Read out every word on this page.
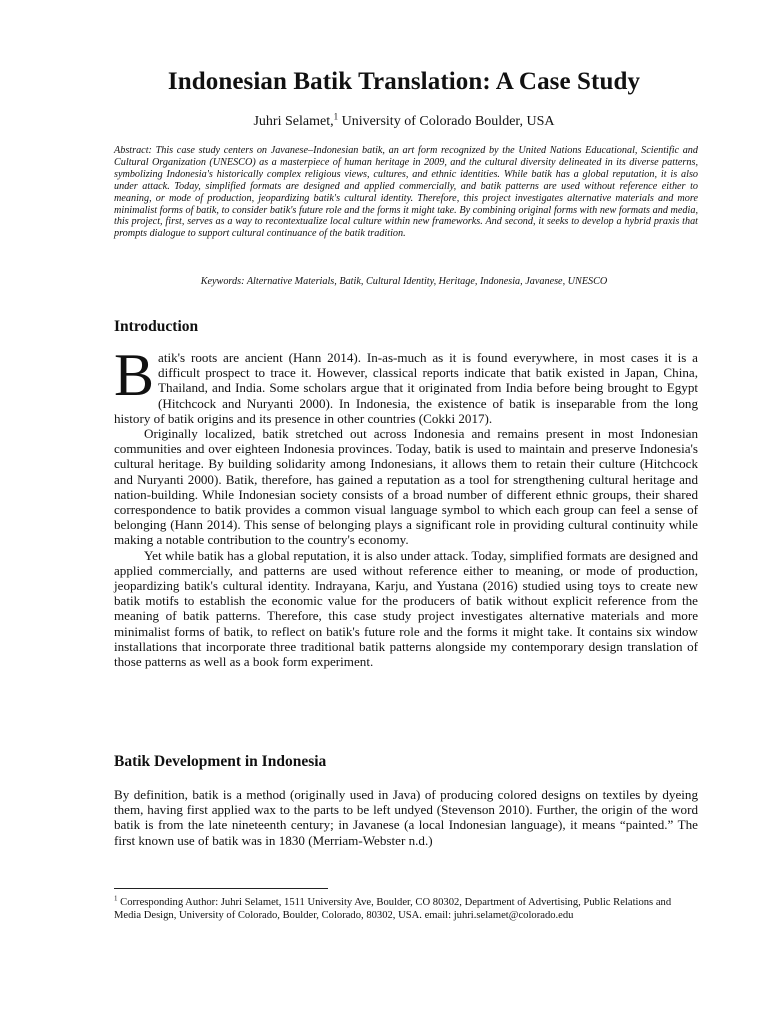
Indonesian Batik Translation: A Case Study
Juhri Selamet,$^1$ University of Colorado Boulder, USA
Abstract: This case study centers on Javanese–Indonesian batik, an art form recognized by the United Nations Educational, Scientific and Cultural Organization (UNESCO) as a masterpiece of human heritage in 2009, and the cultural diversity delineated in its diverse patterns, symbolizing Indonesia's historically complex religious views, cultures, and ethnic identities. While batik has a global reputation, it is also under attack. Today, simplified formats are designed and applied commercially, and batik patterns are used without reference either to meaning, or mode of production, jeopardizing batik's cultural identity. Therefore, this project investigates alternative materials and more minimalist forms of batik, to consider batik's future role and the forms it might take. By combining original forms with new formats and media, this project, first, serves as a way to recontextualize local culture within new frameworks. And second, it seeks to develop a hybrid praxis that prompts dialogue to support cultural continuance of the batik tradition.
Keywords: Alternative Materials, Batik, Cultural Identity, Heritage, Indonesia, Javanese, UNESCO
Introduction

Batik's roots are ancient (Hann 2014). In-as-much as it is found everywhere, in most cases it is a difficult prospect to trace it. However, classical reports indicate that batik existed in Japan, China, Thailand, and India. Some scholars argue that it originated from India before being brought to Egypt (Hitchcock and Nuryanti 2000). In Indonesia, the existence of batik is inseparable from the long history of batik origins and its presence in other countries (Cokki 2017).

Originally localized, batik stretched out across Indonesia and remains present in most Indonesian communities and over eighteen Indonesia provinces. Today, batik is used to maintain and preserve Indonesia's cultural heritage. By building solidarity among Indonesians, it allows them to retain their culture (Hitchcock and Nuryanti 2000). Batik, therefore, has gained a reputation as a tool for strengthening cultural heritage and nation-building. While Indonesian society consists of a broad number of different ethnic groups, their shared correspondence to batik provides a common visual language symbol to which each group can feel a sense of belonging (Hann 2014). This sense of belonging plays a significant role in providing cultural continuity while making a notable contribution to the country's economy.

Yet while batik has a global reputation, it is also under attack. Today, simplified formats are designed and applied commercially, and patterns are used without reference either to meaning, or mode of production, jeopardizing batik's cultural identity. Indrayana, Karju, and Yustana (2016) studied using toys to create new batik motifs to establish the economic value for the producers of batik without explicit reference from the meaning of batik patterns. Therefore, this case study project investigates alternative materials and more minimalist forms of batik, to reflect on batik's future role and the forms it might take. It contains six window installations that incorporate three traditional batik patterns alongside my contemporary design translation of those patterns as well as a book form experiment.

Batik Development in Indonesia

By definition, batik is a method (originally used in Java) of producing colored designs on textiles by dyeing them, having first applied wax to the parts to be left undyed (Stevenson 2010). Further, the origin of the word batik is from the late nineteenth century; in Javanese (a local Indonesian language), it means “painted.” The first known use of batik was in 1830 (Merriam-Webster n.d.)

$^1$ Corresponding Author: Juhri Selamet, 1511 University Ave, Boulder, CO 80302, Department of Advertising, Public Relations and Media Design, University of Colorado, Boulder, Colorado, 80302, USA. email: juhri.selamet@colorado.edu
